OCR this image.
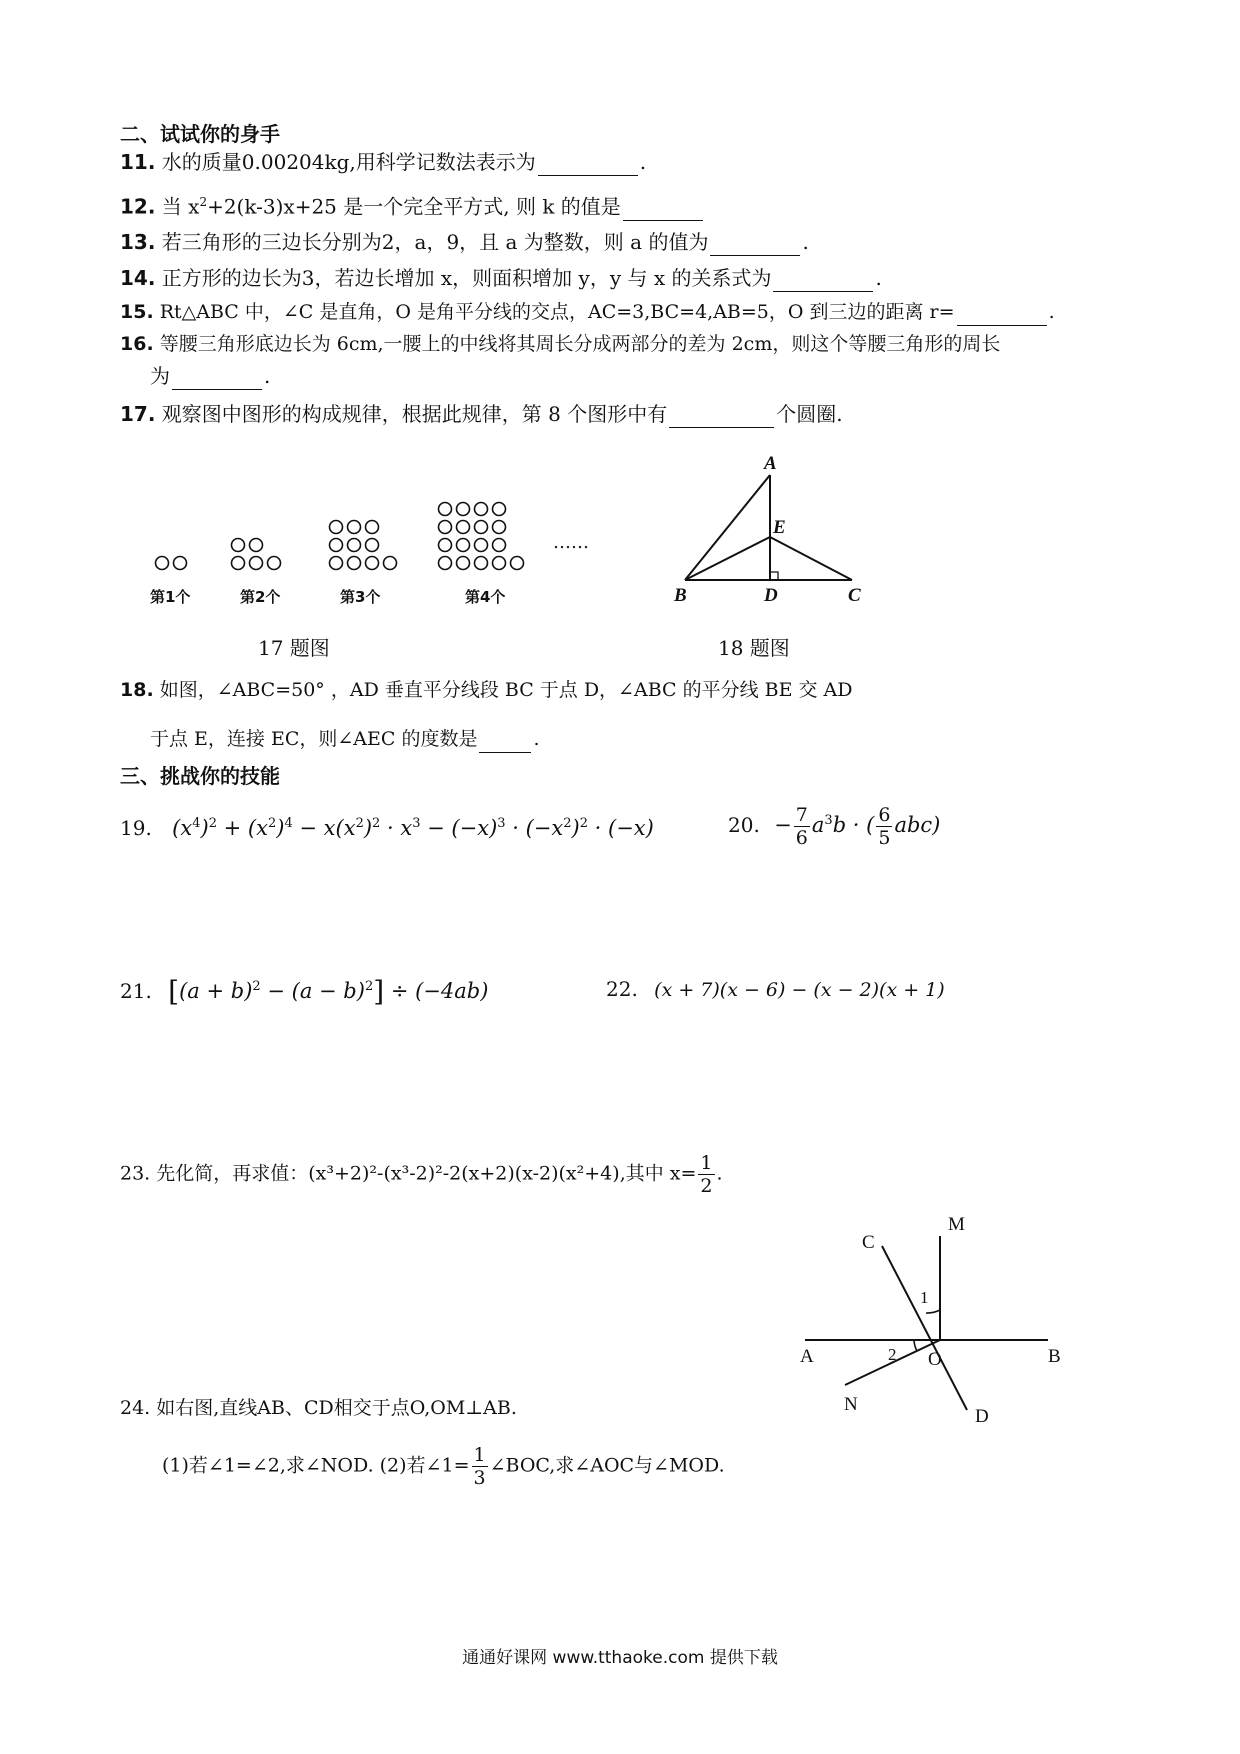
二、试试你的身手
11. 水的质量0.00204kg,用科学记数法表示为	.
12. 当 $x^2+2(k-3)x+25$ 是一个完全平方式, 则 k 的值是
13. 若三角形的三边长分别为2，a，9，且 a 为整数，则 a 的值为	.
14. 正方形的边长为3，若边长增加 x，则面积增加 y，y 与 x 的关系式为	.
15. Rt△ABC 中，∠C 是直角，O 是角平分线的交点，AC=3,BC=4,AB=5，O 到三边的距离 r=	.
16. 等腰三角形底边长为 6cm,一腰上的中线将其周长分成两部分的差为 2cm，则这个等腰三角形的周长
为	.
17. 观察图中图形的构成规律，根据此规律，第 8 个图形中有	个圆圈.
第1个	第2个	第3个	第4个
……
17 题图
A
E
B	D	C
18 题图
18. 如图，∠ABC=50° ，AD 垂直平分线段 BC 于点 D，∠ABC 的平分线 BE 交 AD
于点 E，连接 EC，则∠AEC 的度数是	.
三、挑战你的技能
19. $(x^4)^2 + (x^2)^4 - x(x^2)^2 \cdot x^3 - (-x)^3 \cdot (-x^2)^2 \cdot (-x)$	20. − $\frac{7}{6} a^3b$ · ( $\frac{6}{5} abc$)
21. $[(a + b)^2 - (a - b)^2] \div (-4ab)$	22. (x + 7)(x − 6) − (x − 2)(x + 1)
23. 先化简，再求值：(x³+2)²-(x³-2)²-2(x+2)(x-2)(x²+4),其中 $x= \frac{1}{2}$ .
M
C
1
A	2 O	B
N
D
24. 如右图,直线AB、CD相交于点O,OM⊥AB.
(1)若∠1=∠2,求∠NOD. (2)若∠1= $\frac{1}{3}$ ∠BOC,求∠AOC与∠MOD.
通通好课网 www.tthaoke.com 提供下载
